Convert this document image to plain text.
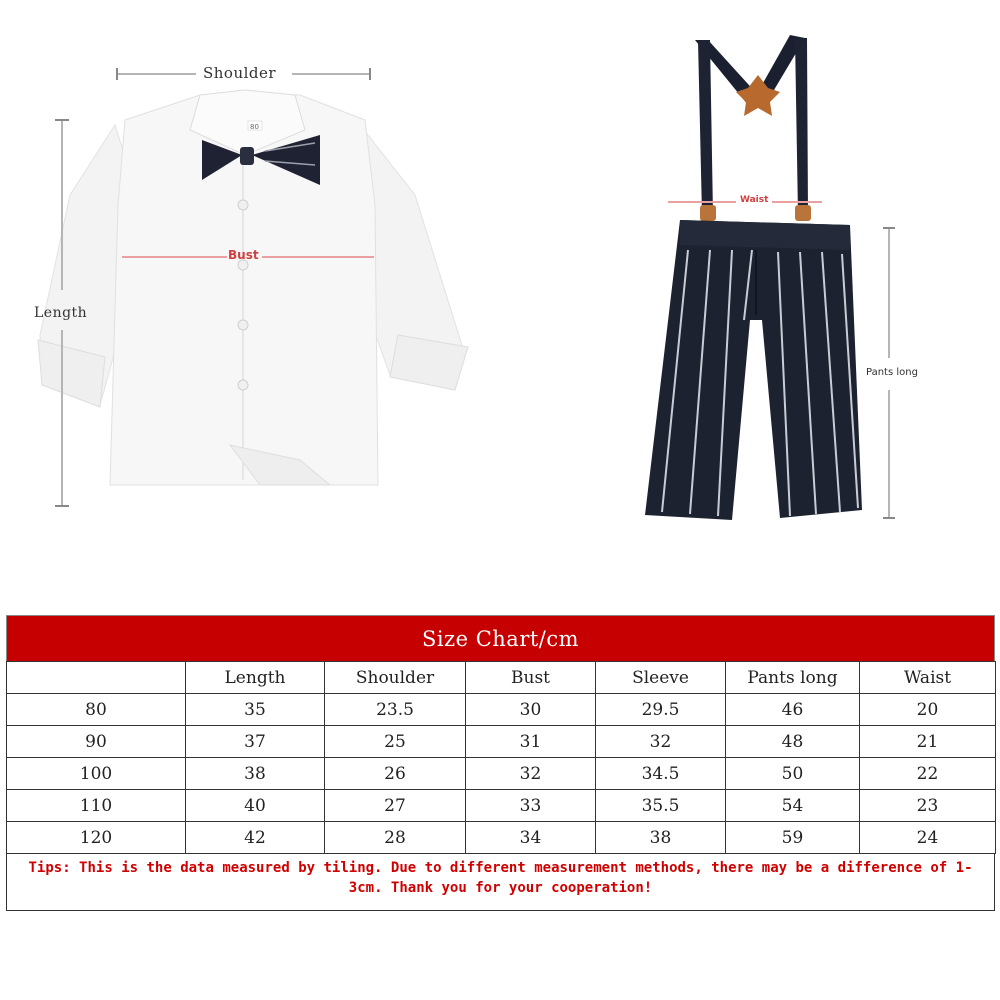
80
Shoulder
Length
Bust
Waist
Pants long
Size Chart/cm
	Length	Shoulder	Bust	Sleeve	Pants long	Waist
80	35	23.5	30	29.5	46	20
90	37	25	31	32	48	21
100	38	26	32	34.5	50	22
110	40	27	33	35.5	54	23
120	42	28	34	38	59	24
Tips: This is the data measured by tiling. Due to different measurement methods, there may be a difference of 1-3cm. Thank you for your cooperation!
